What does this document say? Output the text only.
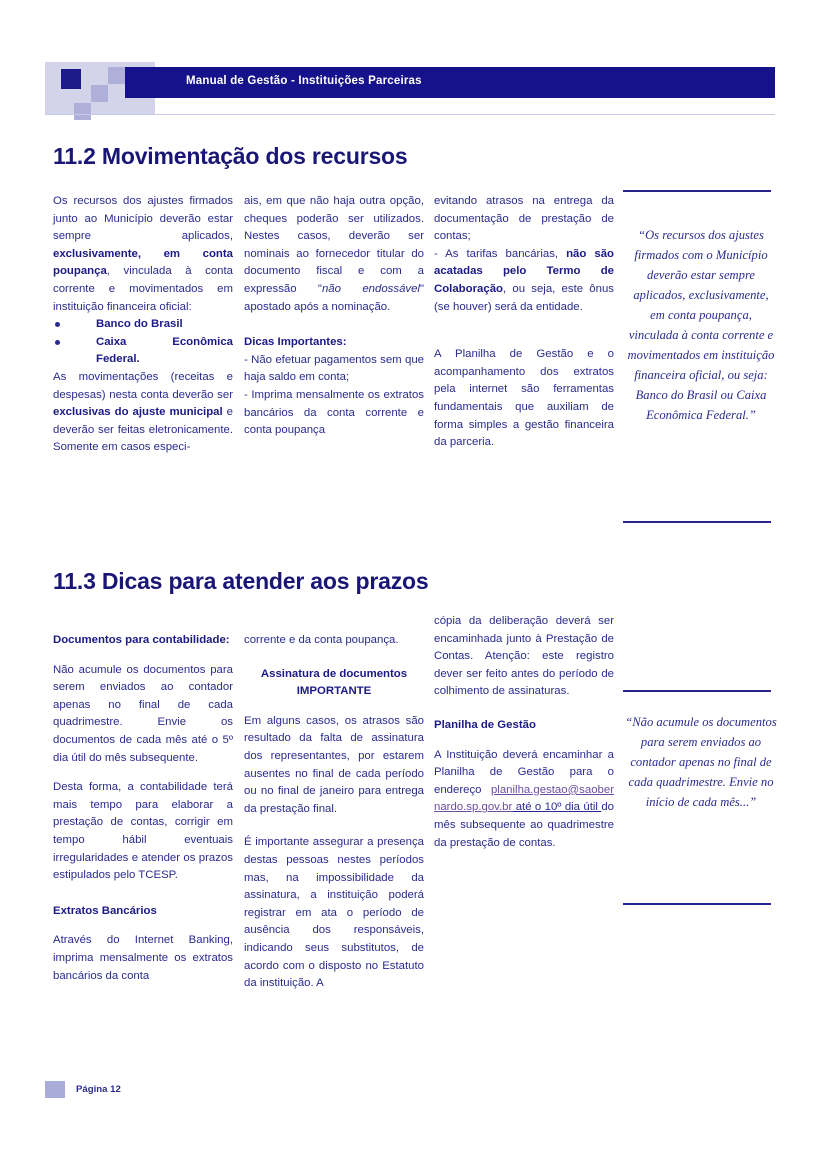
Manual de Gestão - Instituições Parceiras
11.2 Movimentação dos recursos

Os recursos dos ajustes firmados junto ao Município deverão estar sempre aplicados, exclusivamente, em conta poupança, vinculada à conta corrente e movimentados em instituição financeira oficial:

Banco do Brasil
Caixa Econômica Federal.

As movimentações (receitas e despesas) nesta conta deverão ser exclusivas do ajuste municipal e deverão ser feitas eletronicamente. Somente em casos especi-

ais, em que não haja outra opção, cheques poderão ser utilizados. Nestes casos, deverão ser nominais ao fornecedor titular do documento fiscal e com a expressão "não endossável" apostado após a nominação.

Dicas Importantes:

- Não efetuar pagamentos sem que haja saldo em conta;

- Imprima mensalmente os extratos bancários da conta corrente e conta poupança

evitando atrasos na entrega da documentação de prestação de contas;

- As tarifas bancárias, não são acatadas pelo Termo de Colaboração, ou seja, este ônus (se houver) será da entidade.

A Planilha de Gestão e o acompanhamento dos extratos pela internet são ferramentas fundamentais que auxiliam de forma simples a gestão financeira da parceria.

“Os recursos dos ajustes firmados com o Município deverão estar sempre aplicados, exclusivamente, em conta poupança, vinculada à conta corrente e movimentados em instituição financeira oficial, ou seja: Banco do Brasil ou Caixa Econômica Federal.”
11.3 Dicas para atender aos prazos

Documentos para contabilidade:

Não acumule os documentos para serem enviados ao contador apenas no final de cada quadrimestre. Envie os documentos de cada mês até o 5º dia útil do mês subsequente.

Desta forma, a contabilidade terá mais tempo para elaborar a prestação de contas, corrigir em tempo hábil eventuais irregularidades e atender os prazos estipulados pelo TCESP.

Extratos Bancários

Através do Internet Banking, imprima mensalmente os extratos bancários da conta

corrente e da conta poupança.

Assinatura de documentos

IMPORTANTE

Em alguns casos, os atrasos são resultado da falta de assinatura dos representantes, por estarem ausentes no final de cada período ou no final de janeiro para entrega da prestação final.

É importante assegurar a presença destas pessoas nestes períodos mas, na impossibilidade da assinatura, a instituição poderá registrar em ata o período de ausência dos responsáveis, indicando seus substitutos, de acordo com o disposto no Estatuto da instituição. A

cópia da deliberação deverá ser encaminhada junto à Prestação de Contas. Atenção: este registro dever ser feito antes do período de colhimento de assinaturas.

Planilha de Gestão

A Instituição deverá encaminhar a Planilha de Gestão para o endereço planilha.gestao@saobernardo.sp.gov.br até o 10º dia útil do mês subsequente ao quadrimestre da prestação de contas.

“Não acumule os documentos para serem enviados ao contador apenas no final de cada quadrimestre. Envie no início de cada mês...”
Página 12
